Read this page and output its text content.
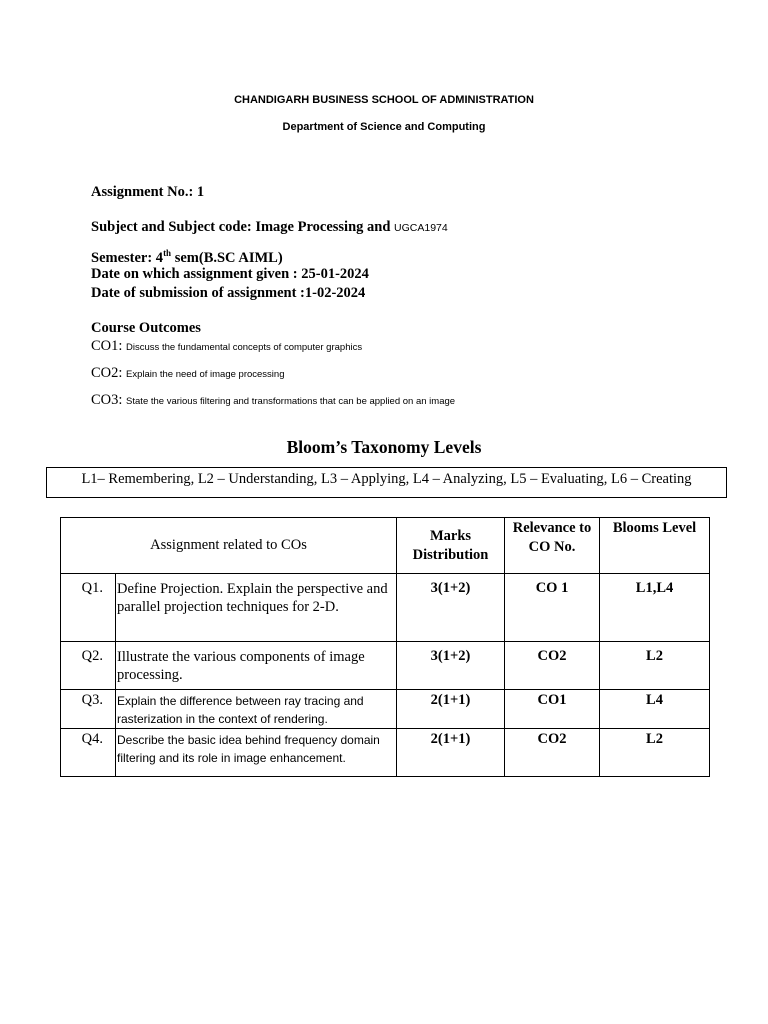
CHANDIGARH BUSINESS SCHOOL OF ADMINISTRATION
Department of Science and Computing
Assignment No.: 1
Subject and Subject code: Image Processing and UGCA1974
Semester: 4th sem(B.SC AIML)
Date on which assignment given : 25-01-2024
Date of submission of assignment :1-02-2024
Course Outcomes
CO1: Discuss the fundamental concepts of computer graphics
CO2: Explain the need of image processing
CO3: State the various filtering and transformations that can be applied on an image
Bloom’s Taxonomy Levels
L1– Remembering, L2 – Understanding, L3 – Applying, L4 – Analyzing, L5 – Evaluating, L6 – Creating
Assignment related to COs		Marks Distribution	Relevance to CO No.	Blooms Level
Q1.	Define Projection. Explain the perspective and parallel projection techniques for 2-D.	3(1+2)	CO 1	L1,L4
Q2.	Illustrate the various components of image processing.	3(1+2)	CO2	L2
Q3.	Explain the difference between ray tracing and rasterization in the context of rendering.	2(1+1)	CO1	L4
Q4.	Describe the basic idea behind frequency domain filtering and its role in image enhancement.	2(1+1)	CO2	L2
